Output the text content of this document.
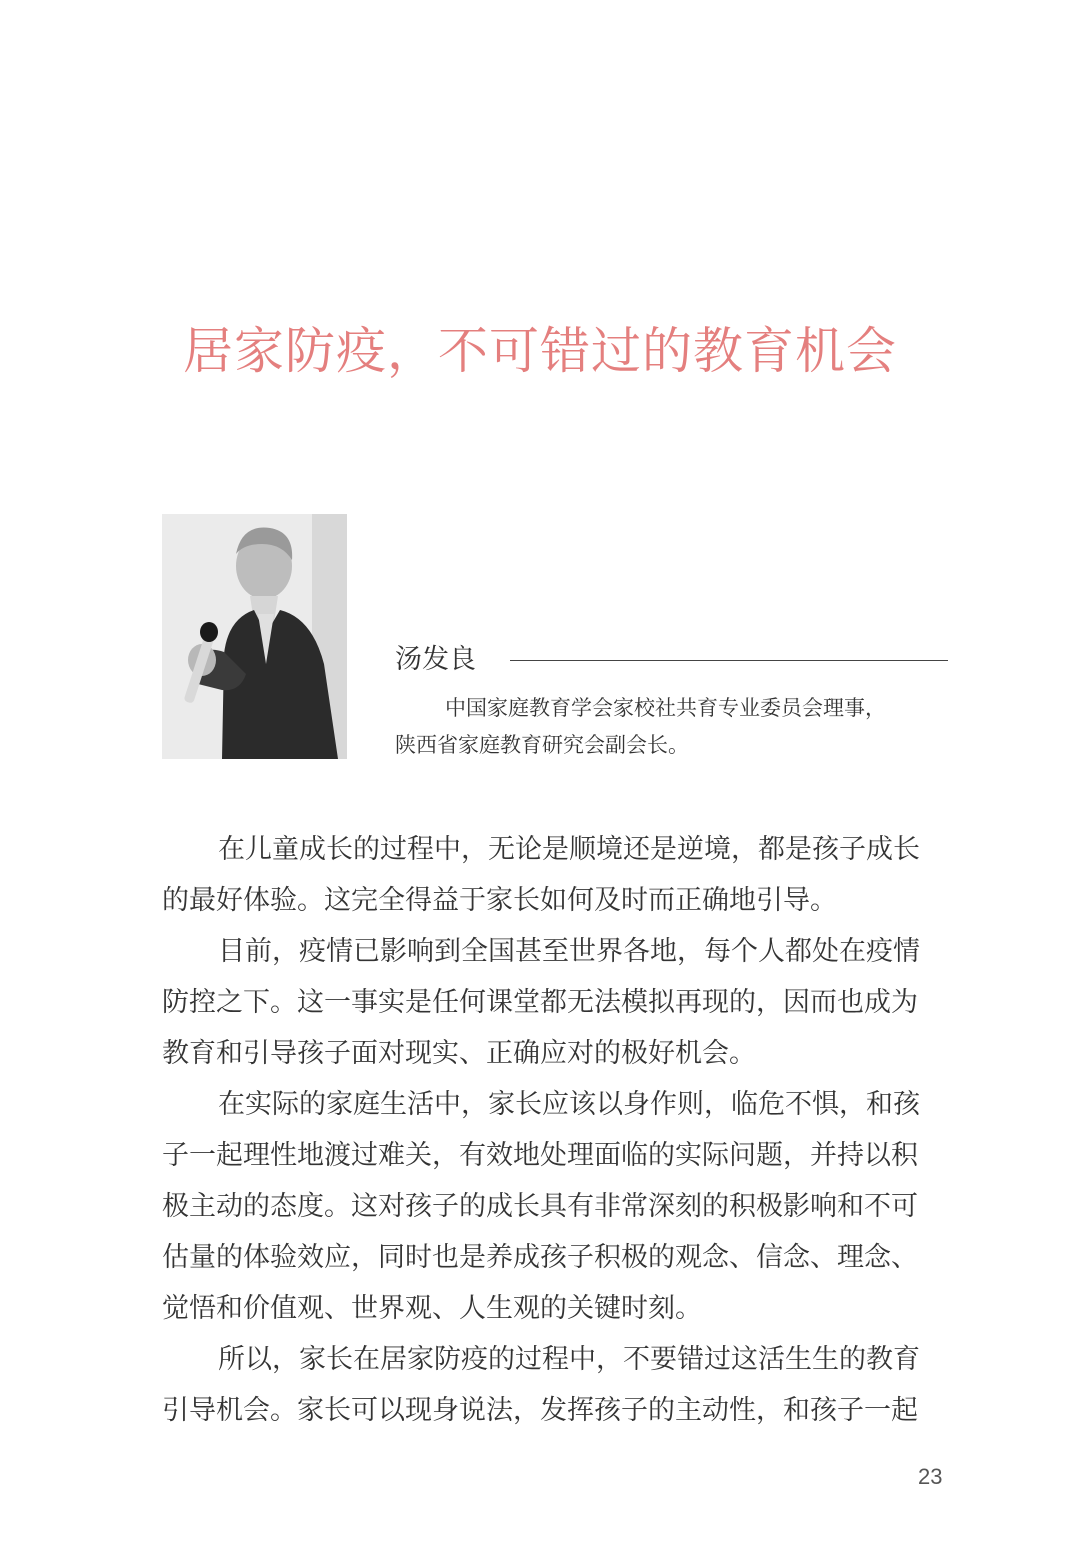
居家防疫，不可错过的教育机会
汤发良

中国家庭教育学会家校社共育专业委员会理事，

陕西省家庭教育研究会副会长。

在儿童成长的过程中，无论是顺境还是逆境，都是孩子成长

的最好体验。这完全得益于家长如何及时而正确地引导。

目前，疫情已影响到全国甚至世界各地，每个人都处在疫情

防控之下。这一事实是任何课堂都无法模拟再现的，因而也成为

教育和引导孩子面对现实、正确应对的极好机会。

在实际的家庭生活中，家长应该以身作则，临危不惧，和孩

子一起理性地渡过难关，有效地处理面临的实际问题，并持以积

极主动的态度。这对孩子的成长具有非常深刻的积极影响和不可

估量的体验效应，同时也是养成孩子积极的观念、信念、理念、

觉悟和价值观、世界观、人生观的关键时刻。

所以，家长在居家防疫的过程中，不要错过这活生生的教育

引导机会。家长可以现身说法，发挥孩子的主动性，和孩子一起

23
